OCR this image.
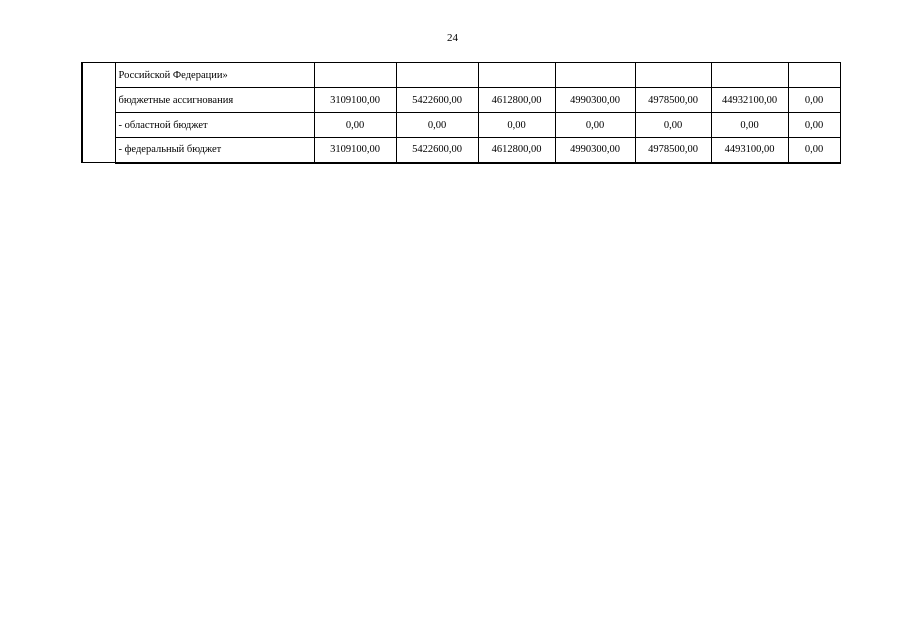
24
	Российской Федерации»							
	бюджетные ассигнования	3109100,00	5422600,00	4612800,00	4990300,00	4978500,00	44932100,00	0,00
	- областной бюджет	0,00	0,00	0,00	0,00	0,00	0,00	0,00
	- федеральный бюджет	3109100,00	5422600,00	4612800,00	4990300,00	4978500,00	4493100,00	0,00
